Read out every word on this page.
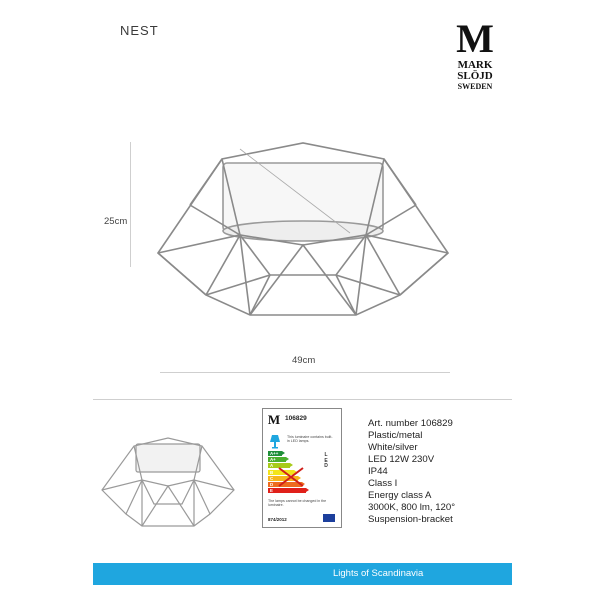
NEST	M
MARK
SLÖJD
SWEDEN
25cm
49cm
M 106829
This luminaire contains built-in LED lamps.
A++
A+
A
B
C
D
E
LED
The lamps cannot be changed in the luminaire.
874/2012
Art. number 106829
Plastic/metal
White/silver
LED 12W 230V
IP44
Class I
Energy class A
3000K, 800 lm, 120°
Suspension-bracket
Lights of Scandinavia
